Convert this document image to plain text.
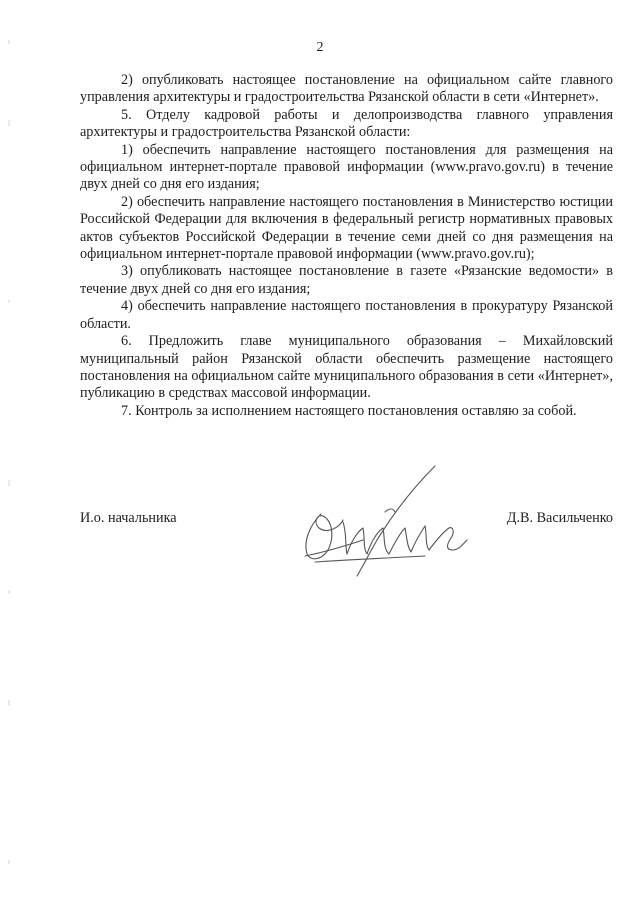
2

2) опубликовать настоящее постановление на официальном сайте главного управления архитектуры и градостроительства Рязанской области в сети «Интернет».

5. Отделу кадровой работы и делопроизводства главного управления архитектуры и градостроительства Рязанской области:

1) обеспечить направление настоящего постановления для размещения на официальном интернет-портале правовой информации (www.pravo.gov.ru) в течение двух дней со дня его издания;

2) обеспечить направление настоящего постановления в Министерство юстиции Российской Федерации для включения в федеральный регистр нормативных правовых актов субъектов Российской Федерации в течение семи дней со дня размещения на официальном интернет-портале правовой информации (www.pravo.gov.ru);

3) опубликовать настоящее постановление в газете «Рязанские ведомости» в течение двух дней со дня его издания;

4) обеспечить направление настоящего постановления в прокуратуру Рязанской области.

6. Предложить главе муниципального образования – Михайловский муниципальный район Рязанской области обеспечить размещение настоящего постановления на официальном сайте муниципального образования в сети «Интернет», публикацию в средствах массовой информации.

7. Контроль за исполнением настоящего постановления оставляю за собой.

И.о. начальника	Д.В. Васильченко
